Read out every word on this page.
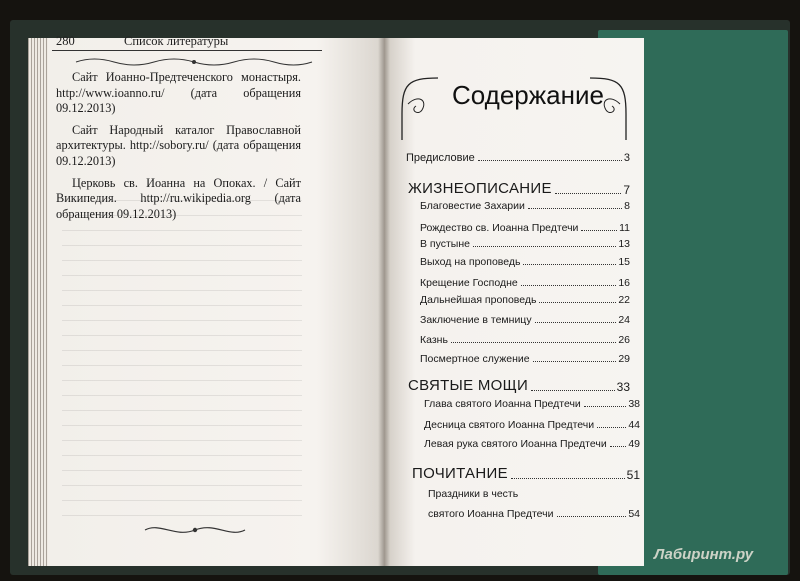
280	Список литературы

Сайт Иоанно-Предтеченского монастыря. http://www.ioanno.ru/ (дата обращения 09.12.2013)

Сайт Народный каталог Православной архитектуры. http://sobory.ru/ (дата обращения 09.12.2013)

Церковь св. Иоанна на Опоках. / Сайт Википедия. http://ru.wikipedia.org (дата обращения 09.12.2013)

Содержание
Предисловие	3
ЖИЗНЕОПИСАНИЕ	7
Благовестие Захарии	8
Рождество св. Иоанна Предтечи	11
В пустыне	13
Выход на проповедь	15
Крещение Господне	16
Дальнейшая проповедь	22
Заключение в темницу	24
Казнь	26
Посмертное служение	29
СВЯТЫЕ МОЩИ	33
Глава святого Иоанна Предтечи	38
Десница святого Иоанна Предтечи	44
Левая рука святого Иоанна Предтечи 49
ПОЧИТАНИЕ	51
Праздники в честь
святого Иоанна Предтечи	54
Лабиринт.ру
